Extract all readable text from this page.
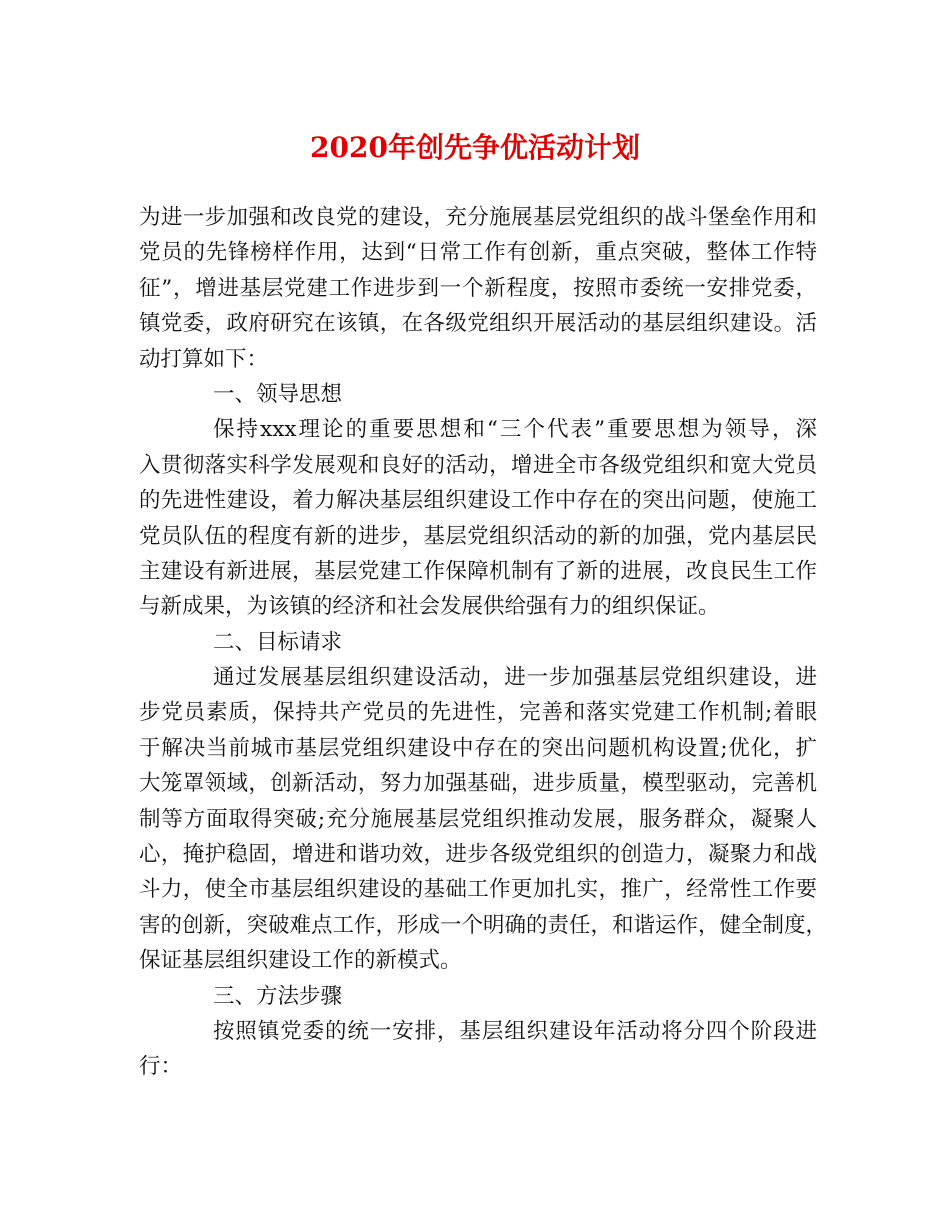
2020年创先争优活动计划
为进一步加强和改良党的建设，充分施展基层党组织的战斗堡垒作用和
党员的先锋榜样作用，达到“日常工作有创新，重点突破，整体工作特
征”，增进基层党建工作进步到一个新程度，按照市委统一安排党委，
镇党委，政府研究在该镇，在各级党组织开展活动的基层组织建设。活
动打算如下：
一、领导思想
保持xxx理论的重要思想和“三个代表”重要思想为领导，深
入贯彻落实科学发展观和良好的活动，增进全市各级党组织和宽大党员
的先进性建设，着力解决基层组织建设工作中存在的突出问题，使施工
党员队伍的程度有新的进步，基层党组织活动的新的加强，党内基层民
主建设有新进展，基层党建工作保障机制有了新的进展，改良民生工作
与新成果，为该镇的经济和社会发展供给强有力的组织保证。
二、目标请求
通过发展基层组织建设活动，进一步加强基层党组织建设，进
步党员素质，保持共产党员的先进性，完善和落实党建工作机制;着眼
于解决当前城市基层党组织建设中存在的突出问题机构设置;优化，扩
大笼罩领域，创新活动，努力加强基础，进步质量，模型驱动，完善机
制等方面取得突破;充分施展基层党组织推动发展，服务群众，凝聚人
心，掩护稳固，增进和谐功效，进步各级党组织的创造力，凝聚力和战
斗力，使全市基层组织建设的基础工作更加扎实，推广，经常性工作要
害的创新，突破难点工作，形成一个明确的责任，和谐运作，健全制度，
保证基层组织建设工作的新模式。
三、方法步骤
按照镇党委的统一安排，基层组织建设年活动将分四个阶段进
行：
